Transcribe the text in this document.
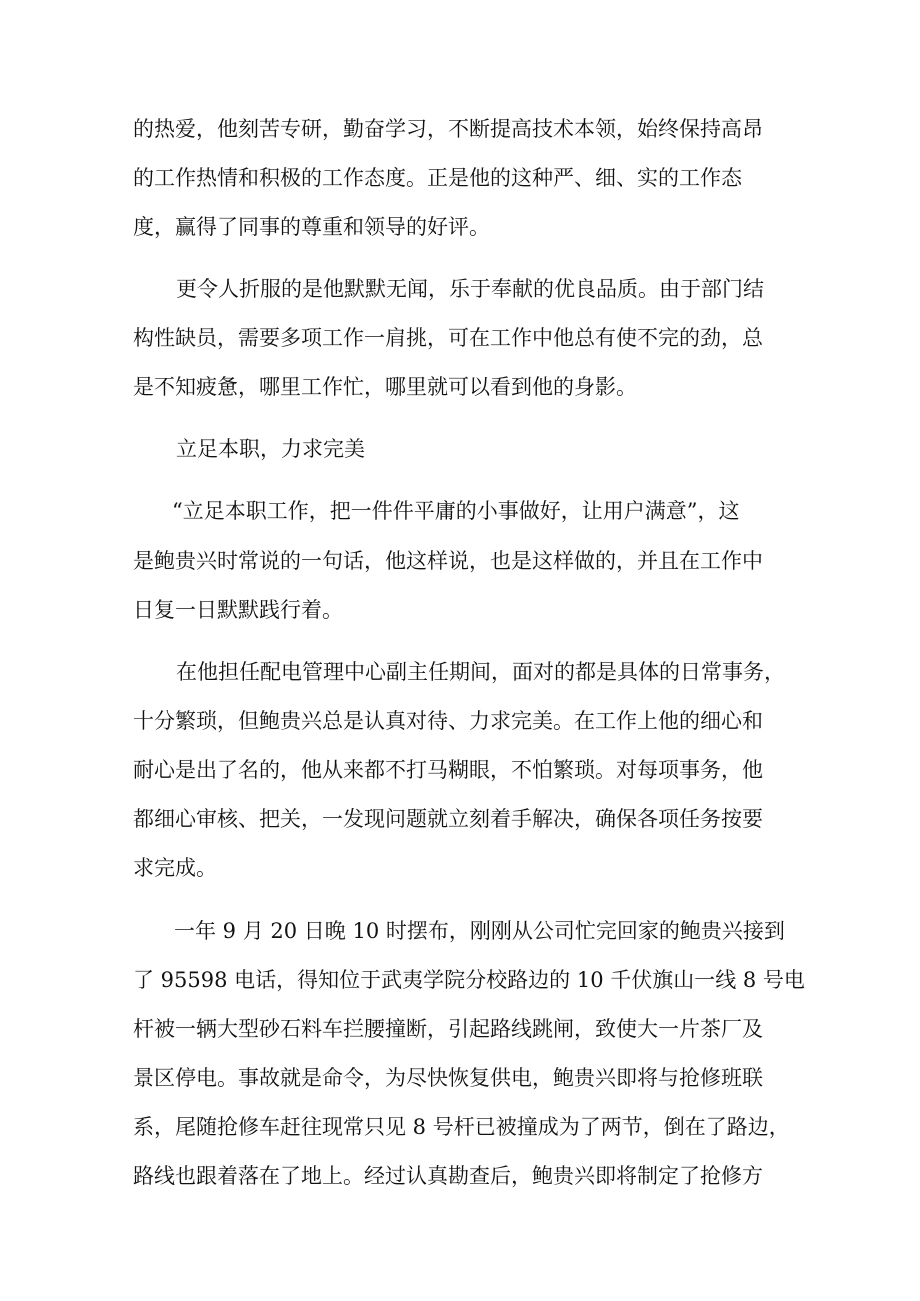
的热爱，他刻苦专研，勤奋学习，不断提高技术本领，始终保持高昂

的工作热情和积极的工作态度。正是他的这种严、细、实的工作态

度，赢得了同事的尊重和领导的好评。

更令人折服的是他默默无闻，乐于奉献的优良品质。由于部门结

构性缺员，需要多项工作一肩挑，可在工作中他总有使不完的劲，总

是不知疲惫，哪里工作忙，哪里就可以看到他的身影。

立足本职，力求完美

“立足本职工作，把一件件平庸的小事做好，让用户满意”，这

是鲍贵兴时常说的一句话，他这样说，也是这样做的，并且在工作中

日复一日默默践行着。

在他担任配电管理中心副主任期间，面对的都是具体的日常事务，

十分繁琐，但鲍贵兴总是认真对待、力求完美。在工作上他的细心和

耐心是出了名的，他从来都不打马糊眼，不怕繁琐。对每项事务，他

都细心审核、把关，一发现问题就立刻着手解决，确保各项任务按要

求完成。

一年 9 月 20 日晚 10 时摆布，刚刚从公司忙完回家的鲍贵兴接到

了 95598 电话，得知位于武夷学院分校路边的 10 千伏旗山一线 8 号电

杆被一辆大型砂石料车拦腰撞断，引起路线跳闸，致使大一片茶厂及

景区停电。事故就是命令，为尽快恢复供电，鲍贵兴即将与抢修班联

系，尾随抢修车赶往现常只见 8 号杆已被撞成为了两节，倒在了路边，

路线也跟着落在了地上。经过认真勘查后，鲍贵兴即将制定了抢修方
